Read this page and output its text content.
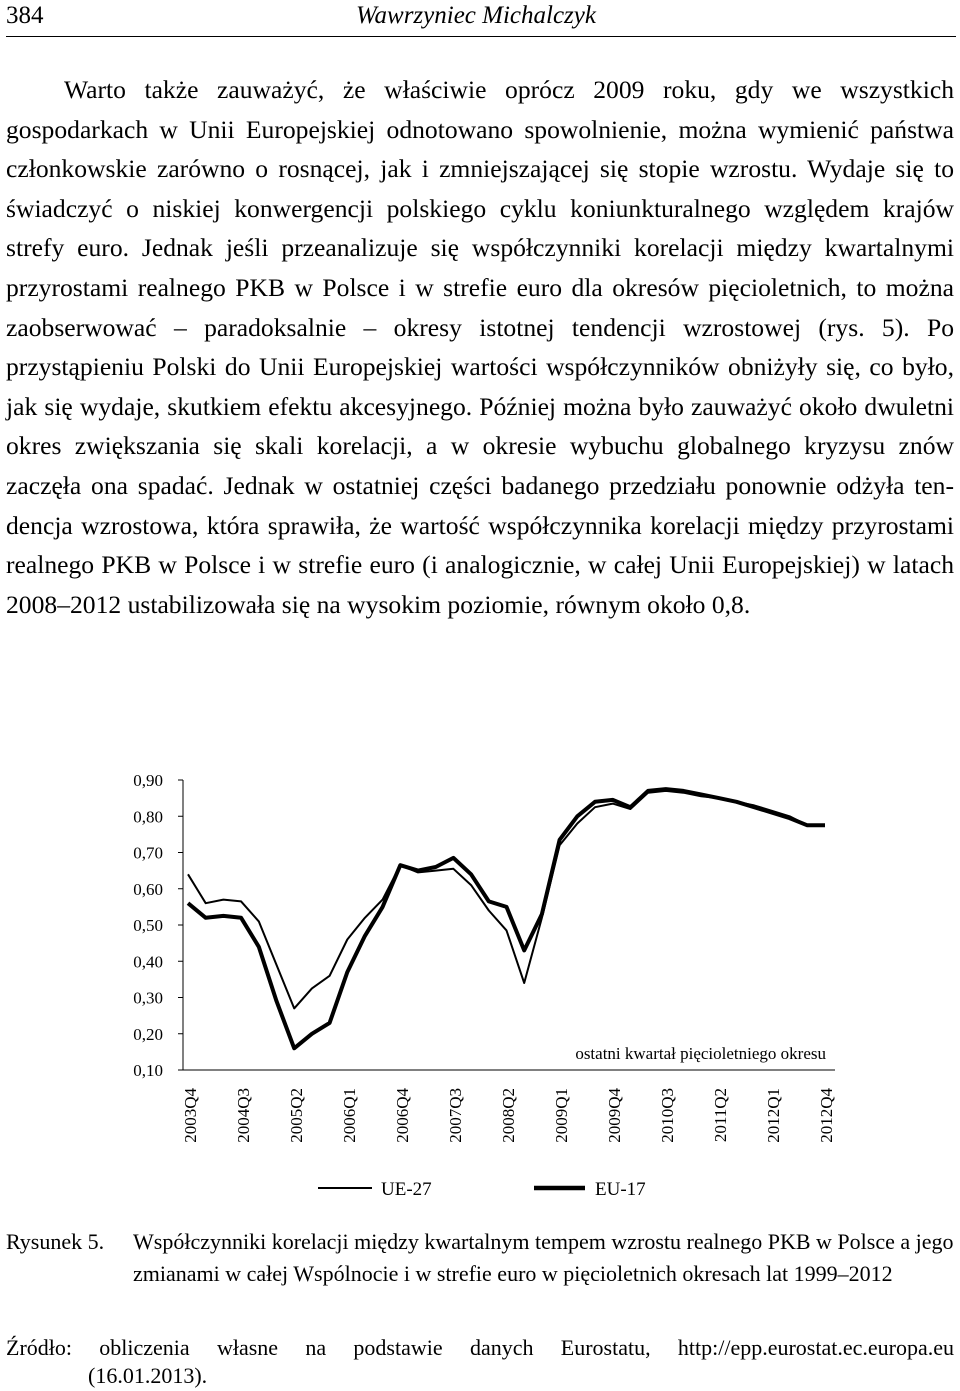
384	Wawrzyniec Michalczyk

Warto także zauważyć, że właściwie oprócz 2009 roku, gdy we wszystkich gospodarkach w Unii Europejskiej odnotowano spowolnienie, można wymienić państwa członkowskie zarówno o rosnącej, jak i zmniejszającej się stopie wzrostu. Wydaje się to świadczyć o niskiej konwergencji polskiego cyklu koniunkturalnego względem krajów strefy euro. Jednak jeśli przeanalizuje się współczynniki korelacji między kwartalnymi przyrostami realnego PKB w Polsce i w strefie euro dla okresów pięcioletnich, to można zaobserwować – paradoksalnie – okresy istotnej tendencji wzrostowej (rys. 5). Po przystąpieniu Polski do Unii Europejskiej wartości współczynników obniżyły się, co było, jak się wydaje, skutkiem efektu akcesyjnego. Później można było zauważyć około dwuletni okres zwiększania się skali korelacji, a w okresie wybuchu globalnego kryzysu znów zaczęła ona spadać. Jednak w ostatniej części badanego przedziału ponownie odżyła tendencja wzrostowa, która sprawiła, że wartość współczynnika korelacji między przyrostami realnego PKB w Polsce i w strefie euro (i analogicznie, w całej Unii Europejskiej) w latach 2008–2012 ustabilizowała się na wysokim poziomie, równym około 0,8.

0,90
0,80
0,70
0,60
0,50
0,40
0,30
0,20
0,10
2003Q4 2004Q3 2005Q2 2006Q1 2006Q4 2007Q3 2008Q2 2009Q1 2009Q4 2010Q3 2011Q2 2012Q1 2012Q4
ostatni kwartał pięcioletniego okresu
UE-27	EU-17
Rysunek 5. Współczynniki korelacji między kwartalnym tempem wzrostu realnego PKB w Polsce a jego zmianami w całej Wspólnocie i w strefie euro w pięcioletnich okresach lat 1999–2012
Źródło: obliczenia własne na podstawie danych Eurostatu, http://epp.eurostat.ec.europa.eu
(16.01.2013).
